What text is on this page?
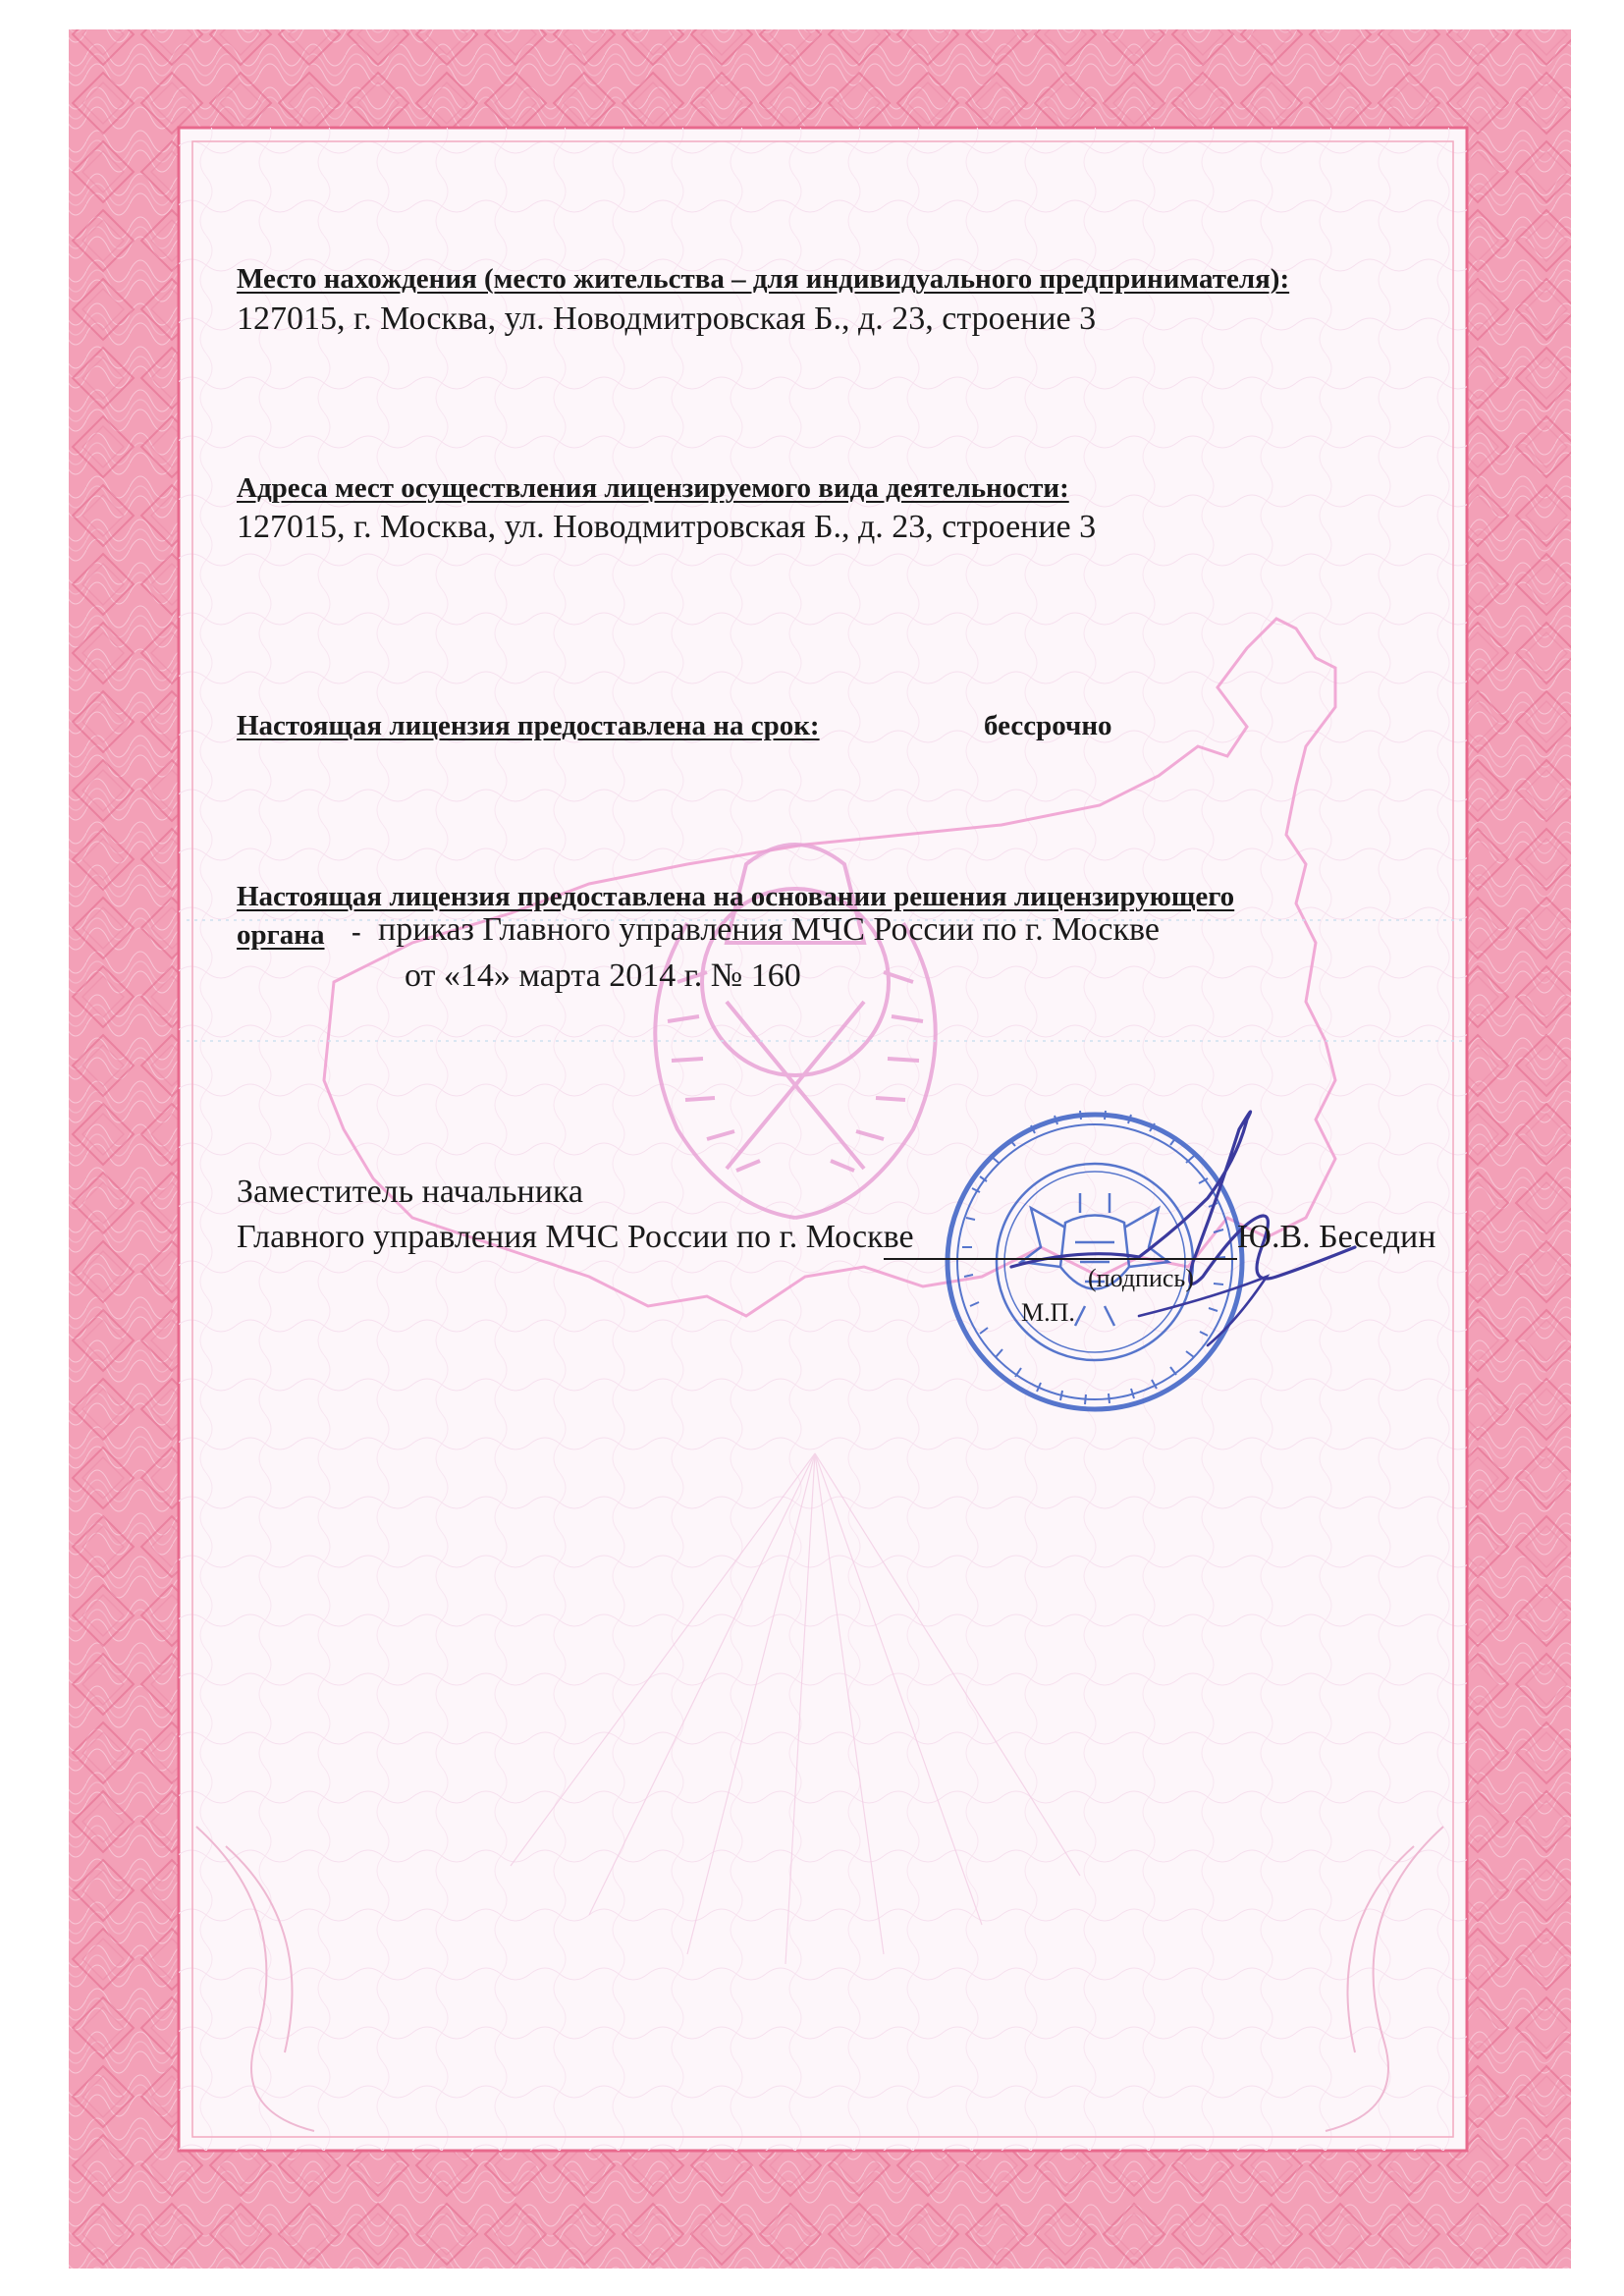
Место нахождения (место жительства – для индивидуального предпринимателя):
127015, г. Москва, ул. Новодмитровская Б., д. 23, строение 3
Адреса мест осуществления лицензируемого вида деятельности:
127015, г. Москва, ул. Новодмитровская Б., д. 23, строение 3
Настоящая лицензия предоставлена на срок:	бессрочно
Настоящая лицензия предоставлена на основании решения лицензирующего
органа - приказ Главного управления МЧС России по г. Москве
от «14» марта 2014 г. № 160
Заместитель начальника
Главного управления МЧС России по г. Москве	Ю.В. Беседин
(подпись)
М.П.
